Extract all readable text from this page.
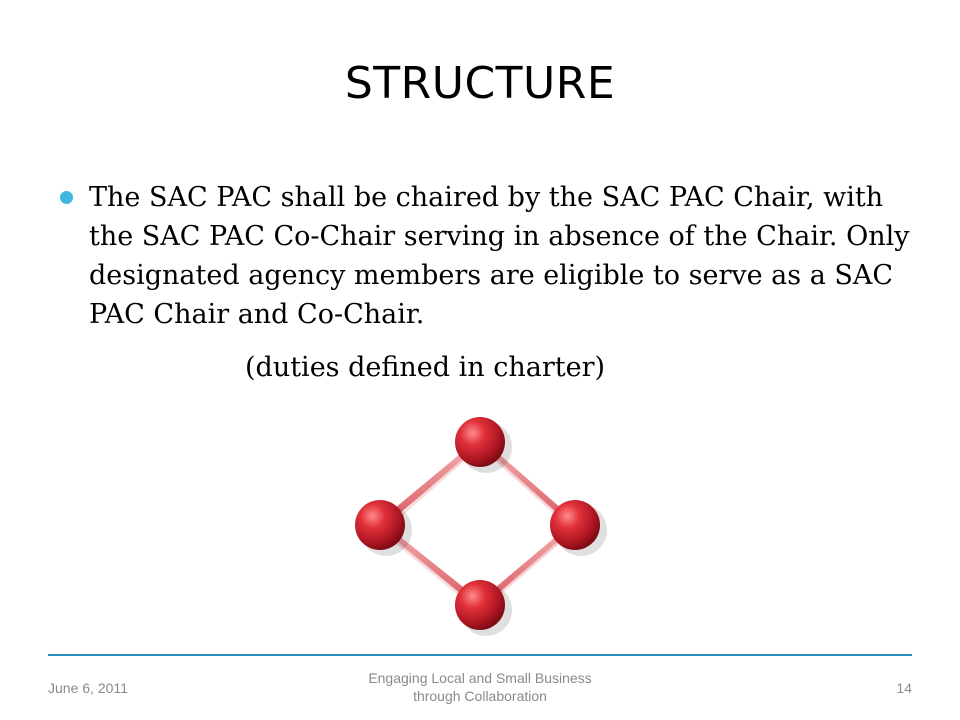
STRUCTURE
The SAC PAC shall be chaired by the SAC PAC Chair, with the SAC PAC Co-Chair serving in absence of the Chair. Only designated agency members are eligible to serve as a SAC PAC Chair and Co-Chair.
(duties defined in charter)
June 6, 2011
Engaging Local and Small Business
through Collaboration	14
